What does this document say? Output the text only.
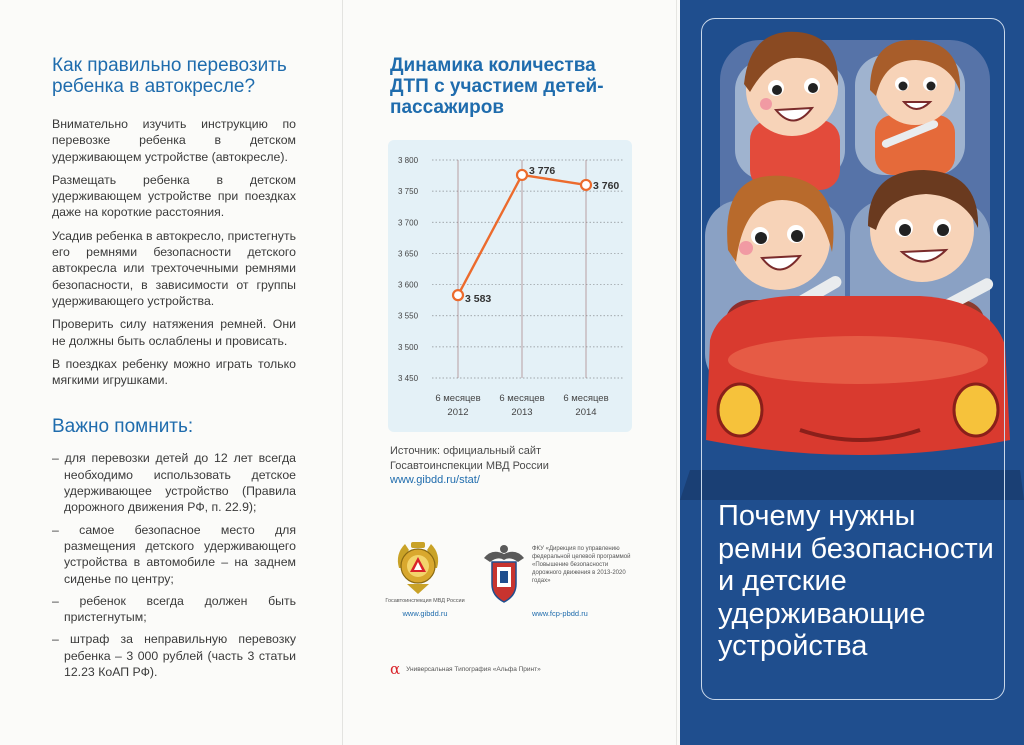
Как правильно перевозить ребенка в автокресле?

Внимательно изучить инструкцию по перевозке ребенка в детском удерживающем устройстве (автокресле).

Размещать ребенка в детском удерживающем устройстве при поездках даже на короткие расстояния.

Усадив ребенка в автокресло, пристегнуть его ремнями безопасности детского автокресла или трехточечными ремнями безопасности, в зависимости от группы удерживающего устройства.

Проверить силу натяжения ремней. Они не должны быть ослаблены и провисать.

В поездках ребенку можно играть только мягкими игрушками.

Важно помнить:
– для перевозки детей до 12 лет всегда необходимо использовать детское удерживающее устройство (Правила дорожного движения РФ, п. 22.9);
– самое безопасное место для размещения детского удерживающего устройства в автомобиле – на заднем сиденье по центру;
– ребенок всегда должен быть пристегнутым;
– штраф за неправильную перевозку ребенка – 3 000 рублей (часть 3 статьи 12.23 КоАП РФ).
Динамика количества ДТП с участием детей-пассажиров
3 450
3 500
3 550
3 600
3 650
3 700
3 750
3 800
3 583
3 776
3 760
6 месяцев
2012
6 месяцев
2013
6 месяцев
2014
Источник: официальный сайт Госавтоинспекции МВД России www.gibdd.ru/stat/
Госавтоинспекция МВД России
www.gibdd.ru
ФКУ «Дирекция по управлению федеральной целевой программой «Повышение безопасности дорожного движения в 2013-2020 годах»
www.fcp-pbdd.ru
α Универсальная Типография «Альфа Принт»
Почему нужны
ремни безопасности
и детские
удерживающие
устройства
